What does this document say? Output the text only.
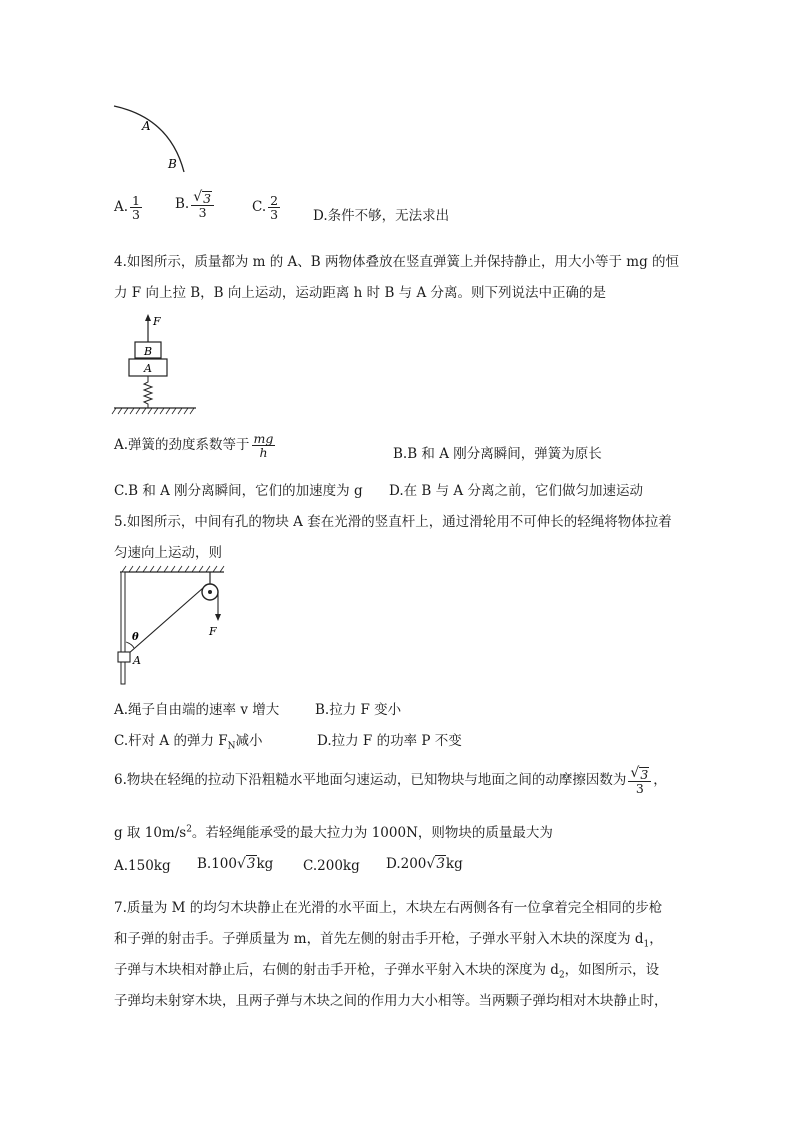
A
B
A. $\frac{1}{3} B$. $\frac{√ 3}{3}$	C. $\frac{2}{3} D$.条件不够，无法求出
4.如图所示，质量都为 m 的 A、B 两物体叠放在竖直弹簧上并保持静止，用大小等于 mg 的恒
力 F 向上拉 B，B 向上运动，运动距离 h 时 B 与 A 分离。则下列说法中正确的是
F
B
A
A.弹簧的劲度系数等于 $\frac{mg}{h}$	B.B 和 A 刚分离瞬间，弹簧为原长
C.B 和 A 刚分离瞬间，它们的加速度为 g D.在 B 与 A 分离之前，它们做匀加速运动
5.如图所示，中间有孔的物块 A 套在光滑的竖直杆上，通过滑轮用不可伸长的轻绳将物体拉着
匀速向上运动，则
F
A
θ
A.绳子自由端的速率 v 增大	B.拉力 F 变小
C.杆对 A 的弹力 $F_N$减小	D.拉力 F 的功率 P 不变
6.物块在轻绳的拉动下沿粗糙水平地面匀速运动，已知物块与地面之间的动摩擦因数为 $\frac{√ 3}{3}$ ，
g 取 $10m/s^2$。若轻绳能承受的最大拉力为 1000N，则物块的质量最大为
A.150kg B.100 √ 3 kg C.200kg D.200 √ 3 kg
7.质量为 M 的均匀木块静止在光滑的水平面上，木块左右两侧各有一位拿着完全相同的步枪
和子弹的射击手。子弹质量为 m，首先左侧的射击手开枪，子弹水平射入木块的深度为 $d_1$，
子弹与木块相对静止后，右侧的射击手开枪，子弹水平射入木块的深度为 $d_2$，如图所示，设
子弹均未射穿木块，且两子弹与木块之间的作用力大小相等。当两颗子弹均相对木块静止时，
